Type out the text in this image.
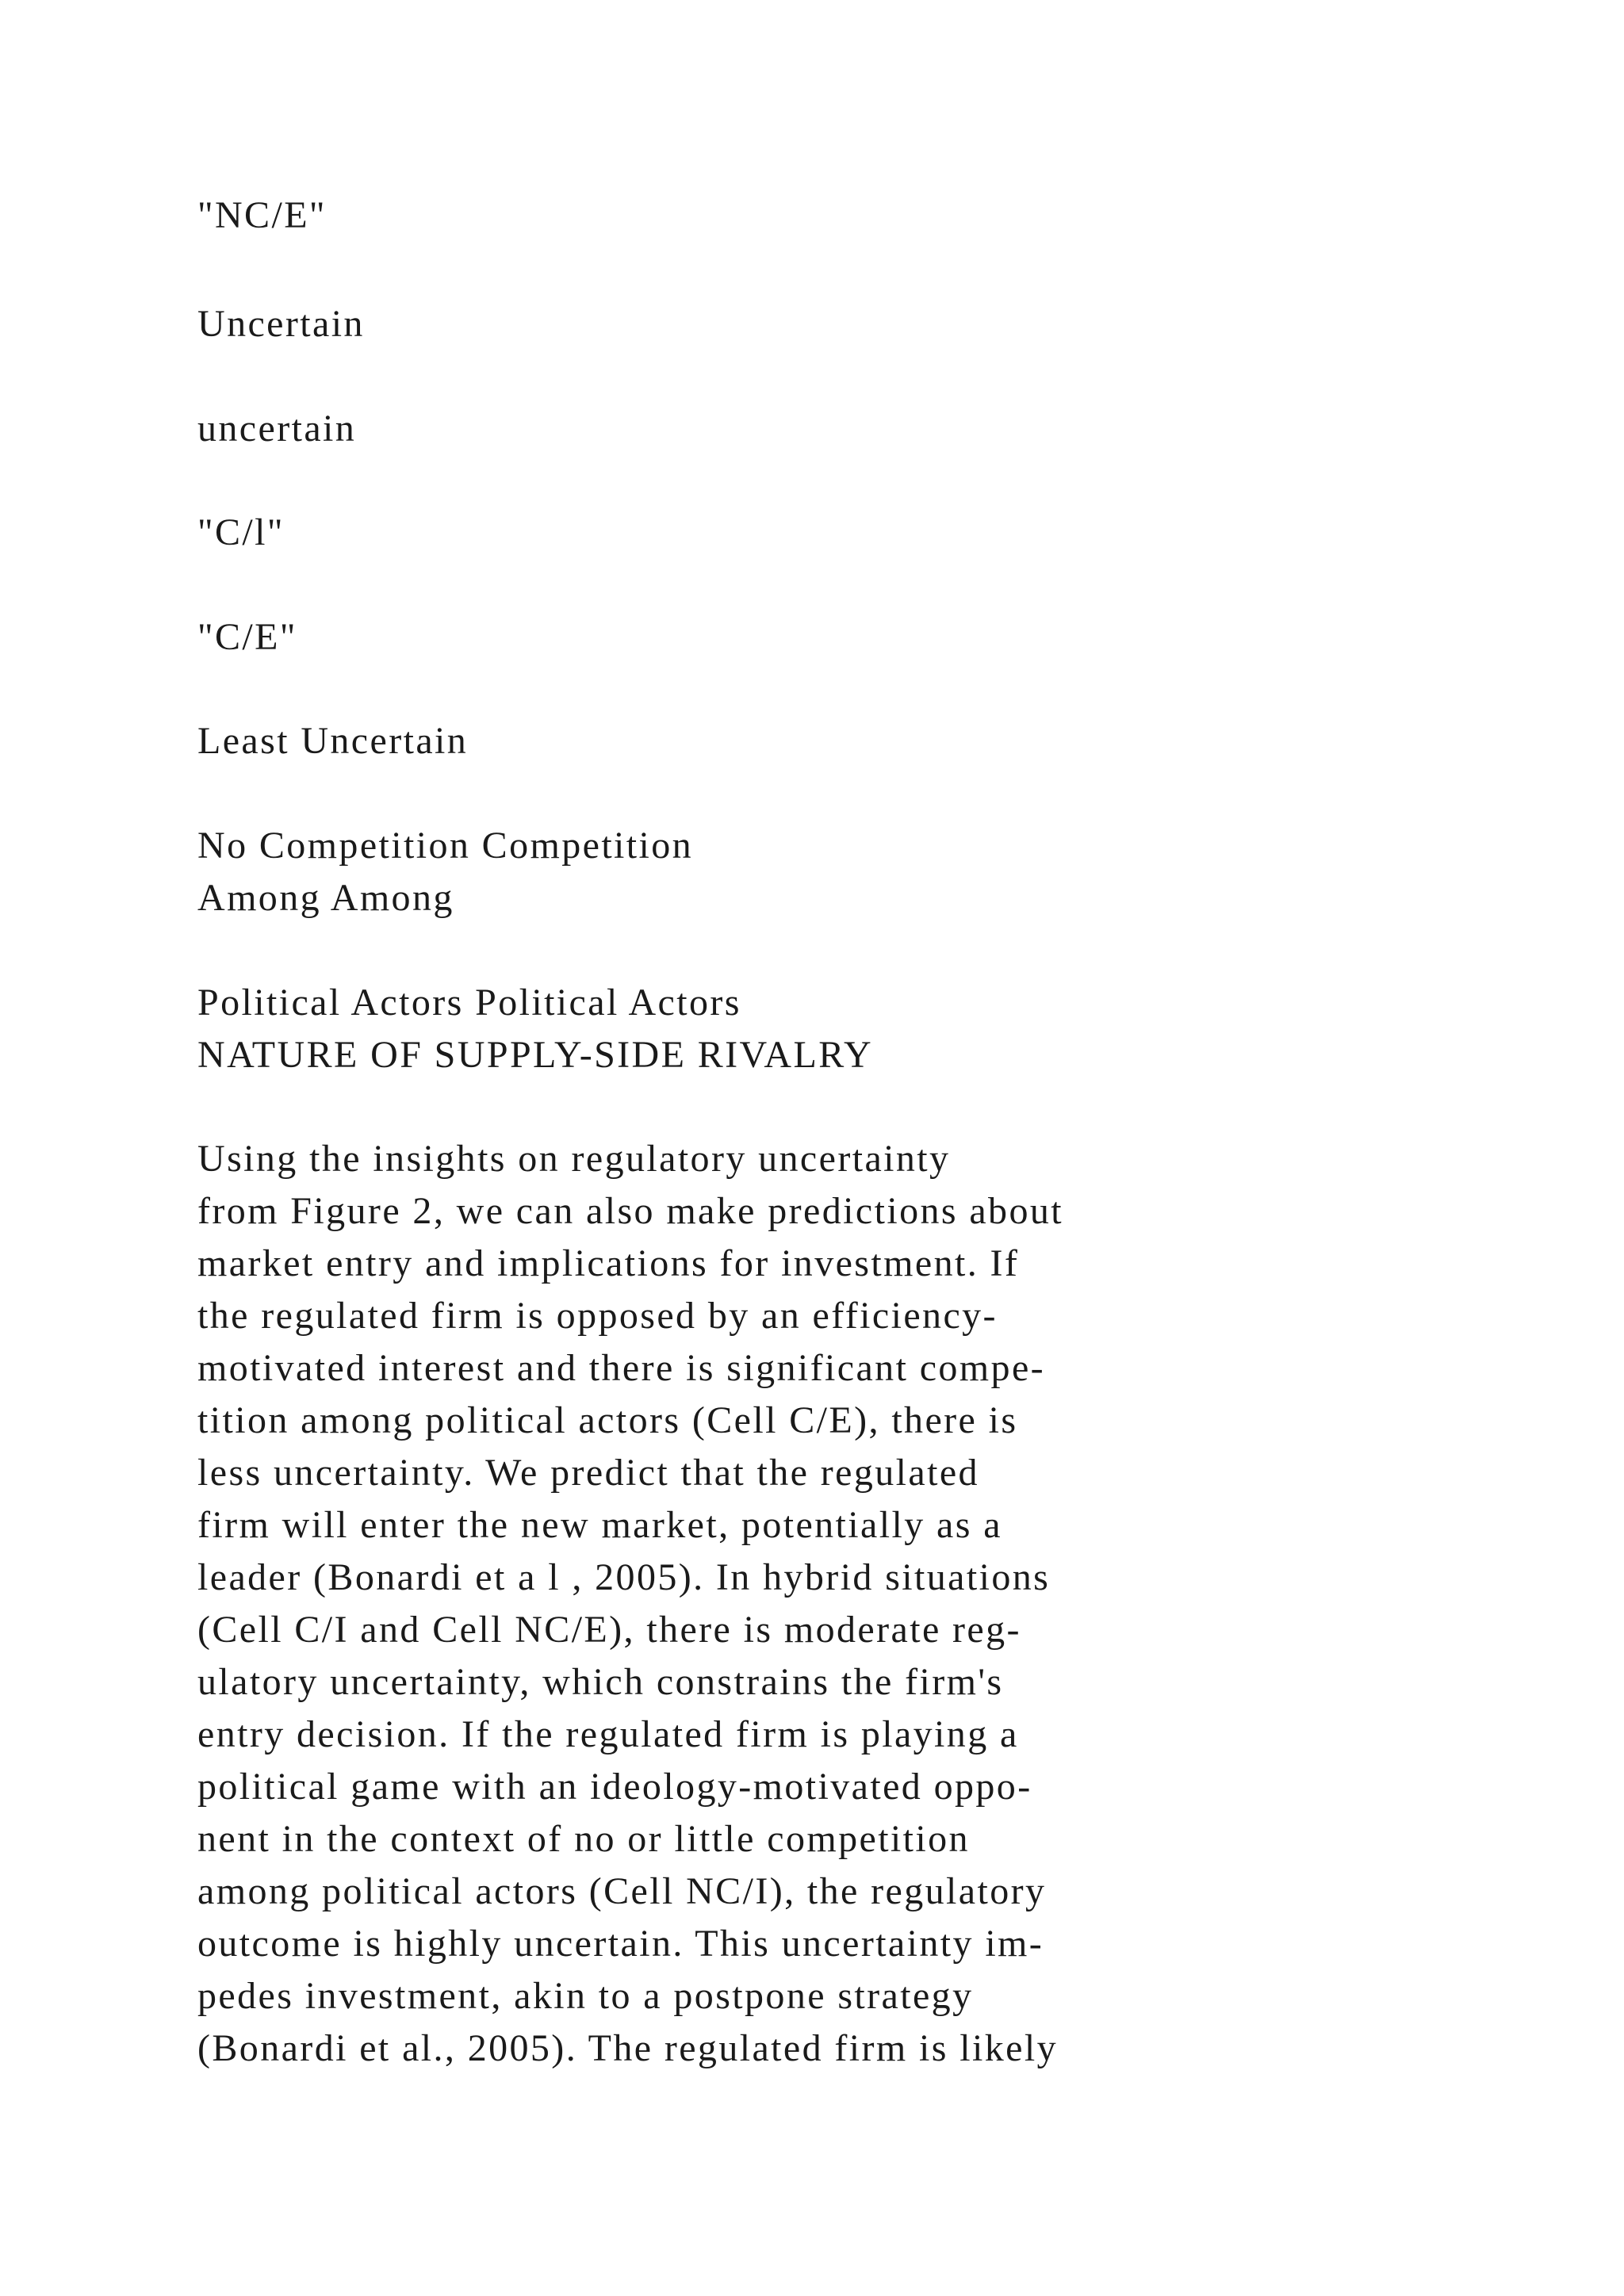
"NC/E"
Uncertain
uncertain
"C/l"
"C/E"
Least Uncertain
No Competition Competition
Among Among
Political Actors Political Actors
NATURE OF SUPPLY-SIDE RIVALRY
Using the insights on regulatory uncertainty
from Figure 2, we can also make predictions about
market entry and implications for investment. If
the regulated firm is opposed by an efficiency-
motivated interest and there is significant compe-
tition among political actors (Cell C/E), there is
less uncertainty. We predict that the regulated
firm will enter the new market, potentially as a
leader (Bonardi et a l , 2005). In hybrid situations
(Cell C/I and Cell NC/E), there is moderate reg-
ulatory uncertainty, which constrains the firm's
entry decision. If the regulated firm is playing a
political game with an ideology-motivated oppo-
nent in the context of no or little competition
among political actors (Cell NC/I), the regulatory
outcome is highly uncertain. This uncertainty im-
pedes investment, akin to a postpone strategy
(Bonardi et al., 2005). The regulated firm is likely
